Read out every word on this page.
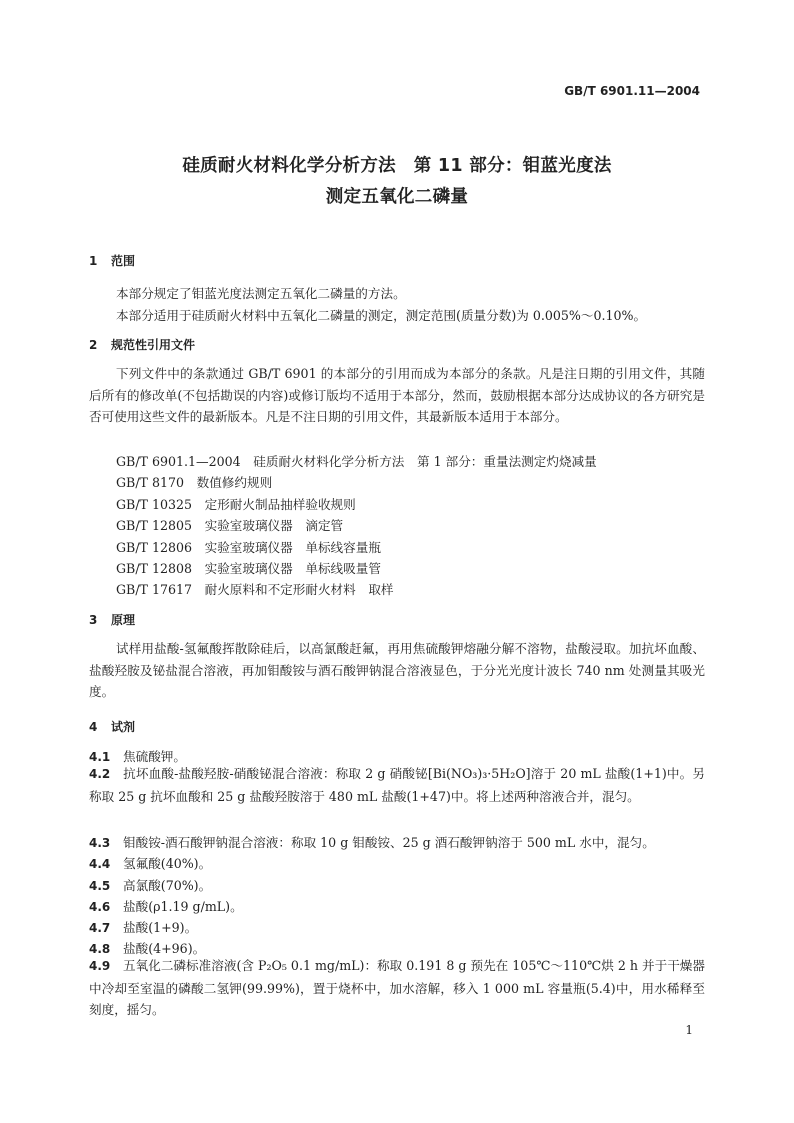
GB/T 6901.11—2004
硅质耐火材料化学分析方法　第 11 部分：钼蓝光度法
测定五氧化二磷量
1 范围
本部分规定了钼蓝光度法测定五氧化二磷量的方法。
本部分适用于硅质耐火材料中五氧化二磷量的测定，测定范围(质量分数)为 0.005%～0.10%。
2 规范性引用文件

下列文件中的条款通过 GB/T 6901 的本部分的引用而成为本部分的条款。凡是注日期的引用文件，其随后所有的修改单(不包括勘误的内容)或修订版均不适用于本部分，然而，鼓励根据本部分达成协议的各方研究是否可使用这些文件的最新版本。凡是不注日期的引用文件，其最新版本适用于本部分。

GB/T 6901.1—2004　硅质耐火材料化学分析方法　第 1 部分：重量法测定灼烧减量
GB/T 8170　数值修约规则
GB/T 10325　定形耐火制品抽样验收规则
GB/T 12805　实验室玻璃仪器　滴定管
GB/T 12806　实验室玻璃仪器　单标线容量瓶
GB/T 12808　实验室玻璃仪器　单标线吸量管
GB/T 17617　耐火原料和不定形耐火材料　取样
3 原理

试样用盐酸-氢氟酸挥散除硅后，以高氯酸赶氟，再用焦硫酸钾熔融分解不溶物，盐酸浸取。加抗坏血酸、盐酸羟胺及铋盐混合溶液，再加钼酸铵与酒石酸钾钠混合溶液显色，于分光光度计波长 740 nm 处测量其吸光度。

4 试剂
4.1 焦硫酸钾。

4.2 抗坏血酸-盐酸羟胺-硝酸铋混合溶液：称取 2 g 硝酸铋[Bi(NO₃)₃·5H₂O]溶于 20 mL 盐酸(1+1)中。另称取 25 g 抗坏血酸和 25 g 盐酸羟胺溶于 480 mL 盐酸(1+47)中。将上述两种溶液合并，混匀。

4.3 钼酸铵-酒石酸钾钠混合溶液：称取 10 g 钼酸铵、25 g 酒石酸钾钠溶于 500 mL 水中，混匀。
4.4 氢氟酸(40%)。
4.5 高氯酸(70%)。
4.6 盐酸(ρ1.19 g/mL)。
4.7 盐酸(1+9)。
4.8 盐酸(4+96)。

4.9 五氧化二磷标准溶液(含 P₂O₅ 0.1 mg/mL)：称取 0.191 8 g 预先在 105℃～110℃烘 2 h 并于干燥器中冷却至室温的磷酸二氢钾(99.99%)，置于烧杯中，加水溶解，移入 1 000 mL 容量瓶(5.4)中，用水稀释至刻度，摇匀。

1
